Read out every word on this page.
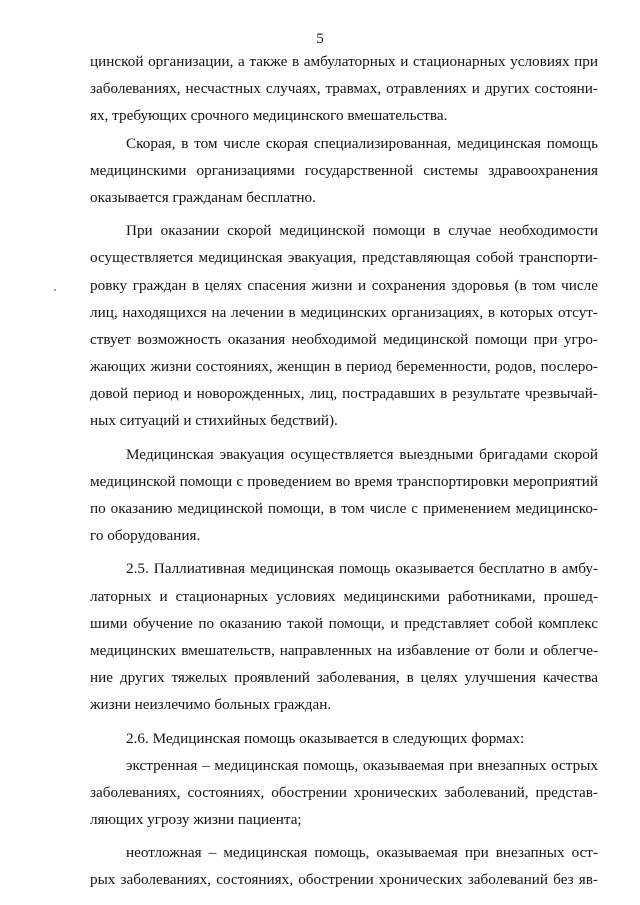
5
цинской организации, а также в амбулаторных и стационарных условиях при
заболеваниях, несчастных случаях, травмах, отравлениях и других состояни-
ях, требующих срочного медицинского вмешательства.
Скорая, в том числе скорая специализированная, медицинская помощь
медицинскими организациями государственной системы здравоохранения
оказывается гражданам бесплатно.
При оказании скорой медицинской помощи в случае необходимости
осуществляется медицинская эвакуация, представляющая собой транспорти-
ровку граждан в целях спасения жизни и сохранения здоровья (в том числе
лиц, находящихся на лечении в медицинских организациях, в которых отсут-
ствует возможность оказания необходимой медицинской помощи при угро-
жающих жизни состояниях, женщин в период беременности, родов, послеро-
довой период и новорожденных, лиц, пострадавших в результате чрезвычай-
ных ситуаций и стихийных бедствий).
Медицинская эвакуация осуществляется выездными бригадами скорой
медицинской помощи с проведением во время транспортировки мероприятий
по оказанию медицинской помощи, в том числе с применением медицинско-
го оборудования.
2.5. Паллиативная медицинская помощь оказывается бесплатно в амбу-
латорных и стационарных условиях медицинскими работниками, прошед-
шими обучение по оказанию такой помощи, и представляет собой комплекс
медицинских вмешательств, направленных на избавление от боли и облегче-
ние других тяжелых проявлений заболевания, в целях улучшения качества
жизни неизлечимо больных граждан.
2.6. Медицинская помощь оказывается в следующих формах:
экстренная – медицинская помощь, оказываемая при внезапных острых
заболеваниях, состояниях, обострении хронических заболеваний, представ-
ляющих угрозу жизни пациента;
неотложная – медицинская помощь, оказываемая при внезапных ост-
рых заболеваниях, состояниях, обострении хронических заболеваний без яв-
